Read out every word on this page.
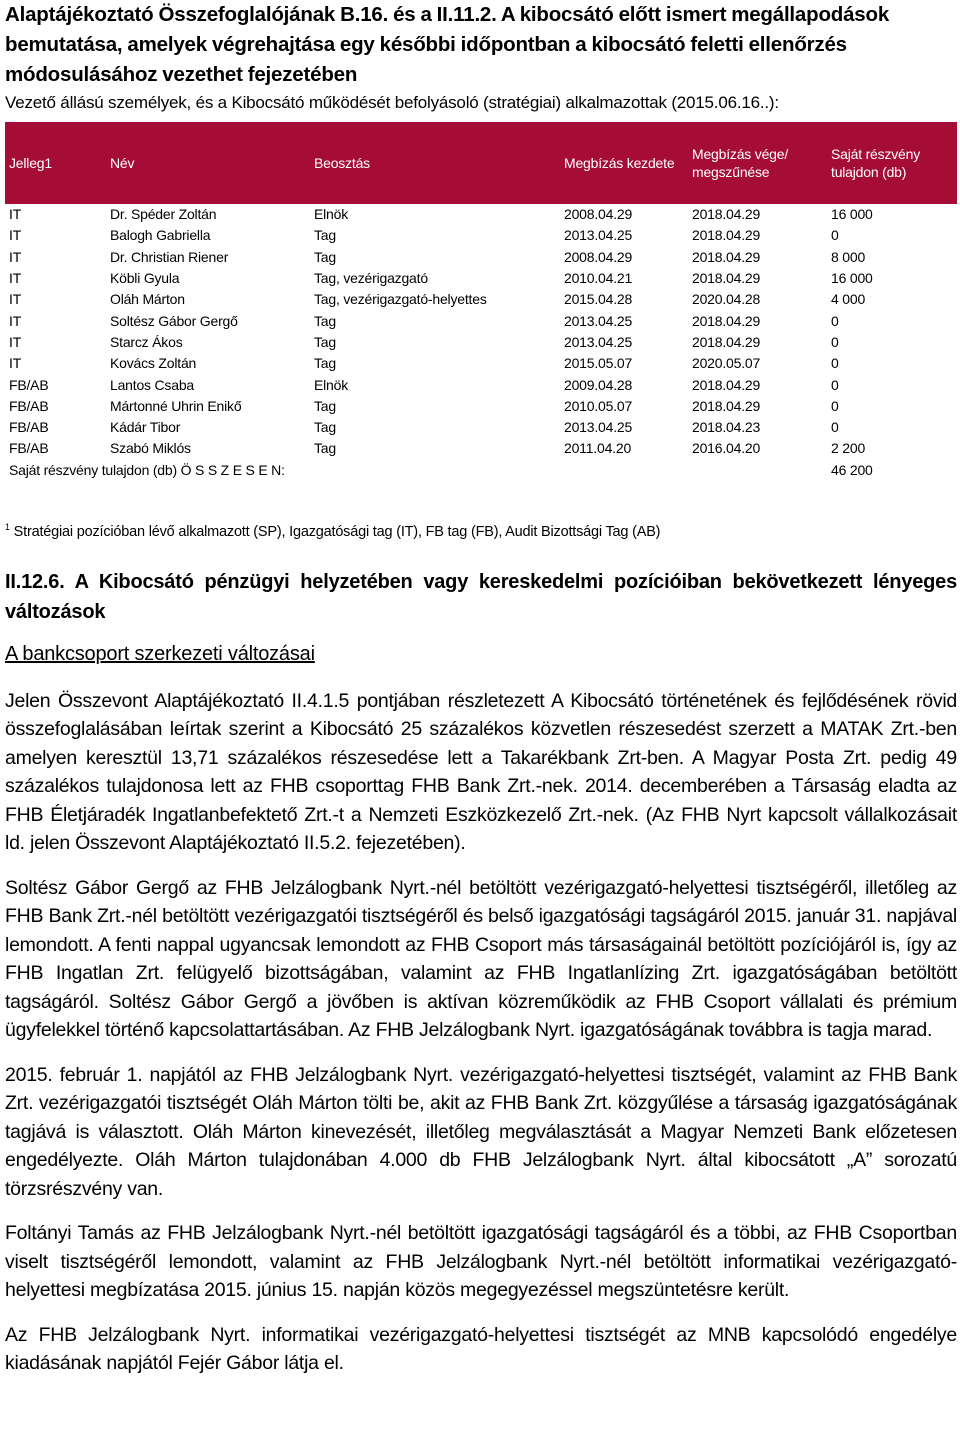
Alaptájékoztató Összefoglalójának B.16. és a II.11.2. A kibocsátó előtt ismert megállapodások bemutatása, amelyek végrehajtása egy későbbi időpontban a kibocsátó feletti ellenőrzés módosulásához vezethet fejezetében
Vezető állású személyek, és a Kibocsátó működését befolyásoló (stratégiai) alkalmazottak (2015.06.16..):
Jelleg1	Név	Beosztás	Megbízás kezdete	Megbízás vége/ megszűnése	Saját részvény tulajdon (db)
IT	Dr. Spéder Zoltán	Elnök	2008.04.29	2018.04.29	16 000
IT	Balogh Gabriella	Tag	2013.04.25	2018.04.29	0
IT	Dr. Christian Riener	Tag	2008.04.29	2018.04.29	8 000
IT	Köbli Gyula	Tag, vezérigazgató	2010.04.21	2018.04.29	16 000
IT	Oláh Márton	Tag, vezérigazgató-helyettes	2015.04.28	2020.04.28	4 000
IT	Soltész Gábor Gergő	Tag	2013.04.25	2018.04.29	0
IT	Starcz Ákos	Tag	2013.04.25	2018.04.29	0
IT	Kovács Zoltán	Tag	2015.05.07	2020.05.07	0
FB/AB	Lantos Csaba	Elnök	2009.04.28	2018.04.29	0
FB/AB	Mártonné Uhrin Enikő	Tag	2010.05.07	2018.04.29	0
FB/AB	Kádár Tibor	Tag	2013.04.25	2018.04.23	0
FB/AB	Szabó Miklós	Tag	2011.04.20	2016.04.20	2 200
Saját részvény tulajdon (db) Ö S S Z E S E N:					46 200
$^1$ Stratégiai pozícióban lévő alkalmazott (SP), Igazgatósági tag (IT), FB tag (FB), Audit Bizottsági Tag (AB)
II.12.6. A Kibocsátó pénzügyi helyzetében vagy kereskedelmi pozícióiban bekövetkezett lényeges változások
A bankcsoport szerkezeti változásai

Jelen Összevont Alaptájékoztató II.4.1.5 pontjában részletezett A Kibocsátó történetének és fejlődésének rövid összefoglalásában leírtak szerint a Kibocsátó 25 százalékos közvetlen részesedést szerzett a MATAK Zrt.-ben amelyen keresztül 13,71 százalékos részesedése lett a Takarékbank Zrt-ben. A Magyar Posta Zrt. pedig 49 százalékos tulajdonosa lett az FHB csoporttag FHB Bank Zrt.-nek. 2014. decemberében a Társaság eladta az FHB Életjáradék Ingatlanbefektető Zrt.-t a Nemzeti Eszközkezelő Zrt.-nek. (Az FHB Nyrt kapcsolt vállalkozásait ld. jelen Összevont Alaptájékoztató II.5.2. fejezetében).

Soltész Gábor Gergő az FHB Jelzálogbank Nyrt.-nél betöltött vezérigazgató-helyettesi tisztségéről, illetőleg az FHB Bank Zrt.-nél betöltött vezérigazgatói tisztségéről és belső igazgatósági tagságáról 2015. január 31. napjával lemondott. A fenti nappal ugyancsak lemondott az FHB Csoport más társaságainál betöltött pozíciójáról is, így az FHB Ingatlan Zrt. felügyelő bizottságában, valamint az FHB Ingatlanlízing Zrt. igazgatóságában betöltött tagságáról. Soltész Gábor Gergő a jövőben is aktívan közreműködik az FHB Csoport vállalati és prémium ügyfelekkel történő kapcsolattartásában. Az FHB Jelzálogbank Nyrt. igazgatóságának továbbra is tagja marad.

2015. február 1. napjától az FHB Jelzálogbank Nyrt. vezérigazgató-helyettesi tisztségét, valamint az FHB Bank Zrt. vezérigazgatói tisztségét Oláh Márton tölti be, akit az FHB Bank Zrt. közgyűlése a társaság igazgatóságának tagjává is választott. Oláh Márton kinevezését, illetőleg megválasztását a Magyar Nemzeti Bank előzetesen engedélyezte. Oláh Márton tulajdonában 4.000 db FHB Jelzálogbank Nyrt. által kibocsátott „A” sorozatú törzsrészvény van.

Foltányi Tamás az FHB Jelzálogbank Nyrt.-nél betöltött igazgatósági tagságáról és a többi, az FHB Csoportban viselt tisztségéről lemondott, valamint az FHB Jelzálogbank Nyrt.-nél betöltött informatikai vezérigazgató-helyettesi megbízatása 2015. június 15. napján közös megegyezéssel megszüntetésre került.

Az FHB Jelzálogbank Nyrt. informatikai vezérigazgató-helyettesi tisztségét az MNB kapcsolódó engedélye kiadásának napjától Fejér Gábor látja el.
